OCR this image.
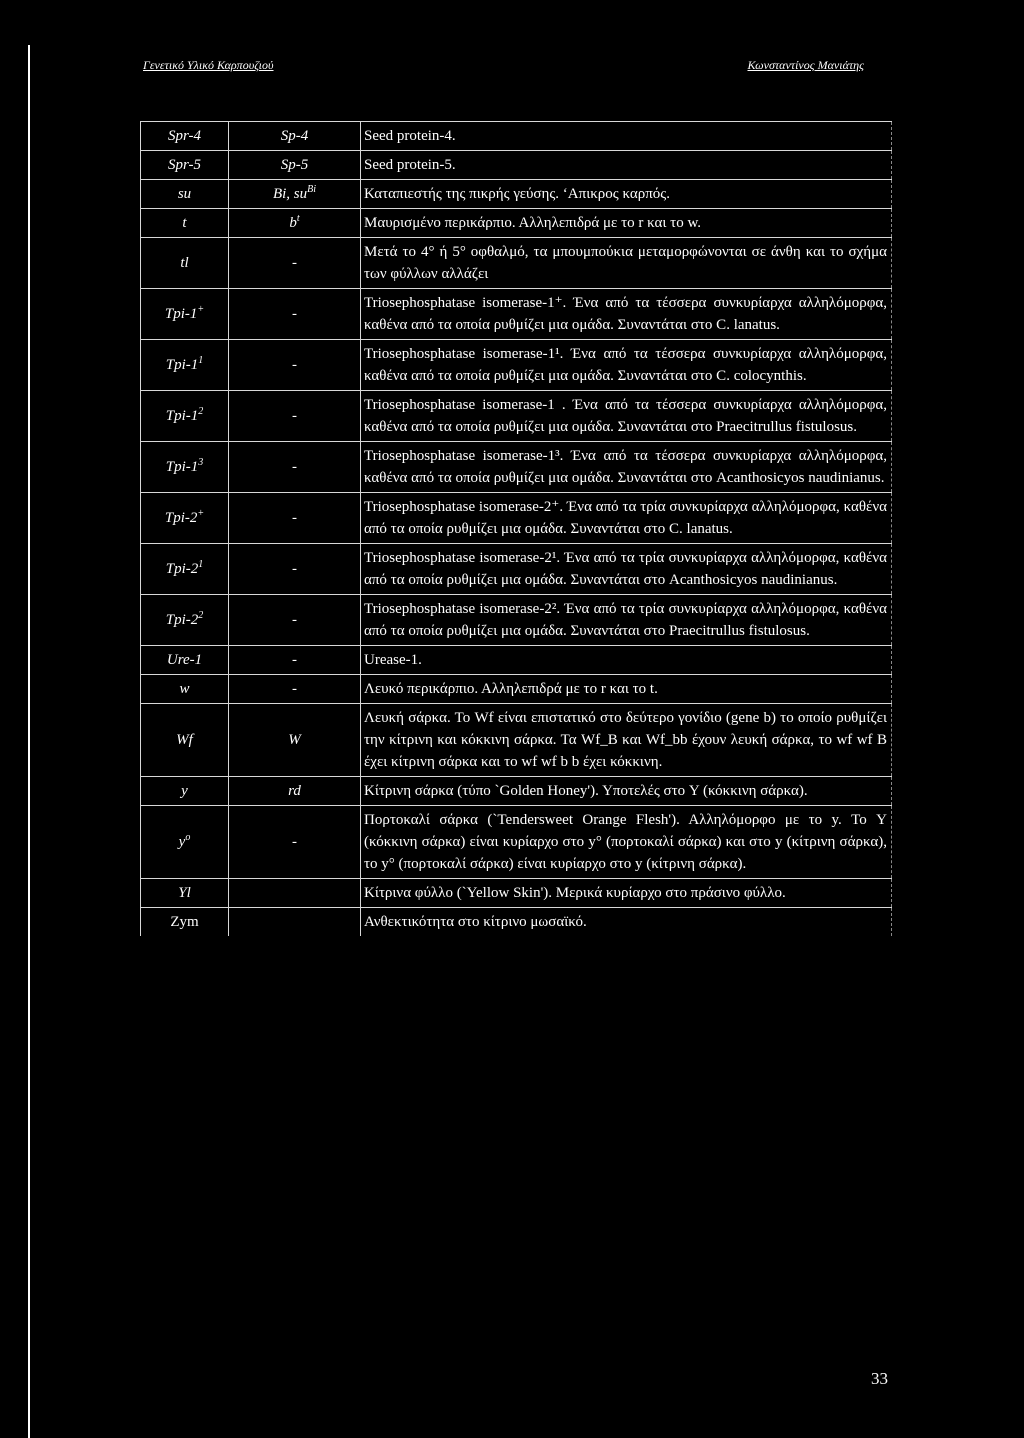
Γενετικό Υλικό Καρπουζιού	Κωνσταντίνος Μανιάτης
Spr-4	Sp-4	Seed protein-4.
Spr-5	Sp-5	Seed protein-5.
su	Bi, $su^{Bi}$	Καταπιεστής της πικρής γεύσης. ‘Απικρος καρπός.
t	$b^t$	Μαυρισμένο περικάρπιο. Αλληλεπιδρά με το r και το w.
tl	-	Μετά το 4° ή 5° οφθαλμό, τα μπουμπούκια μεταμορφώνονται σε άνθη και το σχήμα των φύλλων αλλάζει
Tpi-1+	-	Triosephosphatase isomerase-1⁺. Ένα από τα τέσσερα συνκυρίαρχα αλληλόμορφα, καθένα από τα οποία ρυθμίζει μια ομάδα. Συναντάται στο C. lanatus.
Tpi-$1^1$	-	Triosephosphatase isomerase-1¹. Ένα από τα τέσσερα συνκυρίαρχα αλληλόμορφα, καθένα από τα οποία ρυθμίζει μια ομάδα. Συναντάται στο C. colocynthis.
Tpi-$1^2$	-	Triosephosphatase isomerase-1 . Ένα από τα τέσσερα συνκυρίαρχα αλληλόμορφα, καθένα από τα οποία ρυθμίζει μια ομάδα. Συναντάται στο Praecitrullus fistulosus.
Tpi-$1^3$	-	Triosephosphatase isomerase-1³. Ένα από τα τέσσερα συνκυρίαρχα αλληλόμορφα, καθένα από τα οποία ρυθμίζει μια ομάδα. Συναντάται στο Acanthosicyos naudinianus.
Tpi-2+	-	Triosephosphatase isomerase-2⁺. Ένα από τα τρία συνκυρίαρχα αλληλόμορφα, καθένα από τα οποία ρυθμίζει μια ομάδα. Συναντάται στο C. lanatus.
Tpi-$2^1$	-	Triosephosphatase isomerase-2¹. Ένα από τα τρία συνκυρίαρχα αλληλόμορφα, καθένα από τα οποία ρυθμίζει μια ομάδα. Συναντάται στο Acanthosicyos naudinianus.
Tpi-$2^2$	-	Triosephosphatase isomerase-2². Ένα από τα τρία συνκυρίαρχα αλληλόμορφα, καθένα από τα οποία ρυθμίζει μια ομάδα. Συναντάται στο Praecitrullus fistulosus.
Ure-1	-	Urease-1.
w	-	Λευκό περικάρπιο. Αλληλεπιδρά με το r και το t.
Wf	W	Λευκή σάρκα. Το Wf είναι επιστατικό στο δεύτερο γονίδιο (gene b) το οποίο ρυθμίζει την κίτρινη και κόκκινη σάρκα. Τα Wf_B και Wf_bb έχουν λευκή σάρκα, το wf wf B έχει κίτρινη σάρκα και το wf wf b b έχει κόκκινη.
y	rd	Κίτρινη σάρκα (τύπο `Golden Honey'). Υποτελές στο Y (κόκκινη σάρκα).
$y^o$	-	Πορτοκαλί σάρκα (`Tendersweet Orange Flesh'). Αλληλόμορφο με το y. Το Y (κόκκινη σάρκα) είναι κυρίαρχο στο y° (πορτοκαλί σάρκα) και στο y (κίτρινη σάρκα), το y° (πορτοκαλί σάρκα) είναι κυρίαρχο στο y (κίτρινη σάρκα).
Yl		Κίτρινα φύλλο (`Yellow Skin'). Μερικά κυρίαρχο στο πράσινο φύλλο.
Zym		Ανθεκτικότητα στο κίτρινο μωσαϊκό.
33
